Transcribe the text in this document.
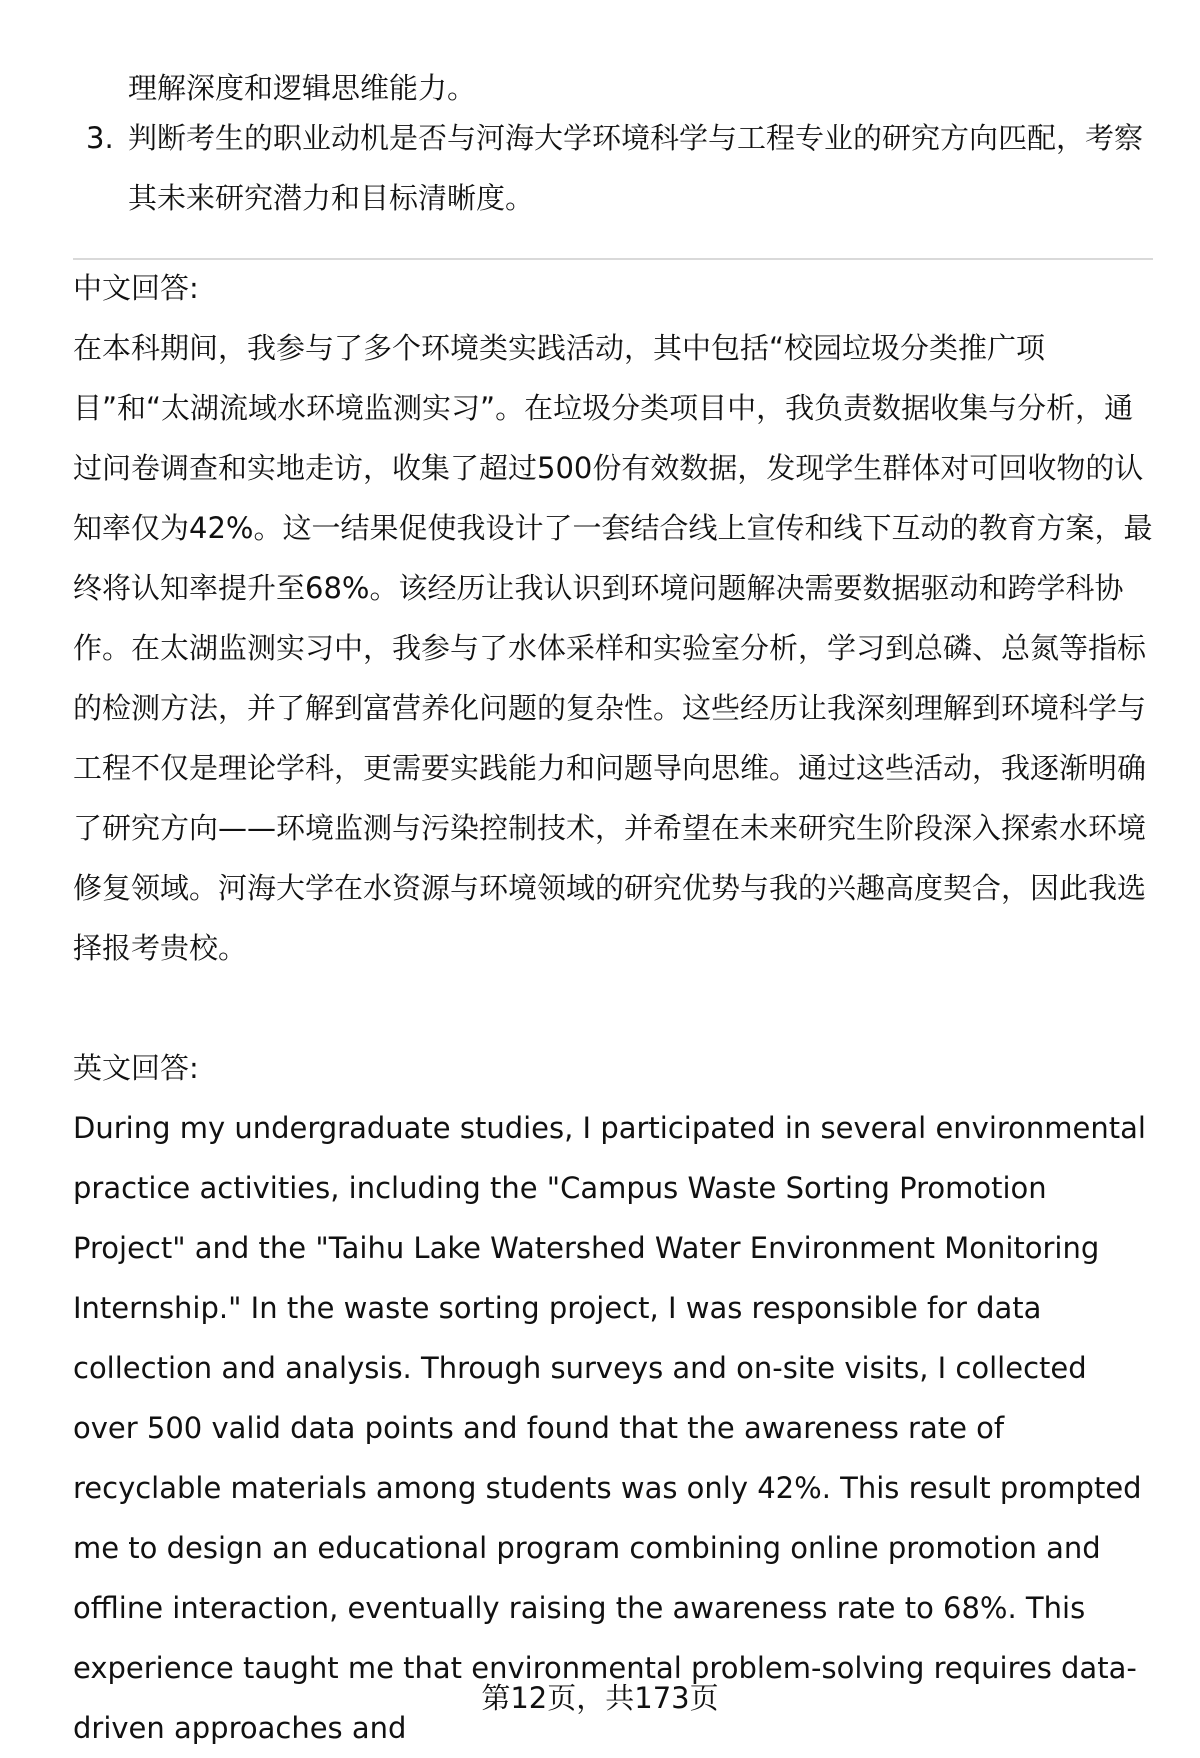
理解深度和逻辑思维能力。
3. 判断考生的职业动机是否与河海大学环境科学与工程专业的研究方向匹配，考察其未来研究潜力和目标清晰度。
中文回答:
在本科期间，我参与了多个环境类实践活动，其中包括“校园垃圾分类推广项目”和“太湖流域水环境监测实习”。在垃圾分类项目中，我负责数据收集与分析，通过问卷调查和实地走访，收集了超过500份有效数据，发现学生群体对可回收物的认知率仅为42%。这一结果促使我设计了一套结合线上宣传和线下互动的教育方案，最终将认知率提升至68%。该经历让我认识到环境问题解决需要数据驱动和跨学科协作。在太湖监测实习中，我参与了水体采样和实验室分析，学习到总磷、总氮等指标的检测方法，并了解到富营养化问题的复杂性。这些经历让我深刻理解到环境科学与工程不仅是理论学科，更需要实践能力和问题导向思维。通过这些活动，我逐渐明确了研究方向——环境监测与污染控制技术，并希望在未来研究生阶段深入探索水环境修复领域。河海大学在水资源与环境领域的研究优势与我的兴趣高度契合，因此我选择报考贵校。
英文回答:
During my undergraduate studies, I participated in several environmental practice activities, including the "Campus Waste Sorting Promotion Project" and the "Taihu Lake Watershed Water Environment Monitoring Internship." In the waste sorting project, I was responsible for data collection and analysis. Through surveys and on-site visits, I collected over 500 valid data points and found that the awareness rate of recyclable materials among students was only 42%. This result prompted me to design an educational program combining online promotion and offline interaction, eventually raising the awareness rate to 68%. This experience taught me that environmental problem-solving requires data-driven approaches and
第12页，共173页
